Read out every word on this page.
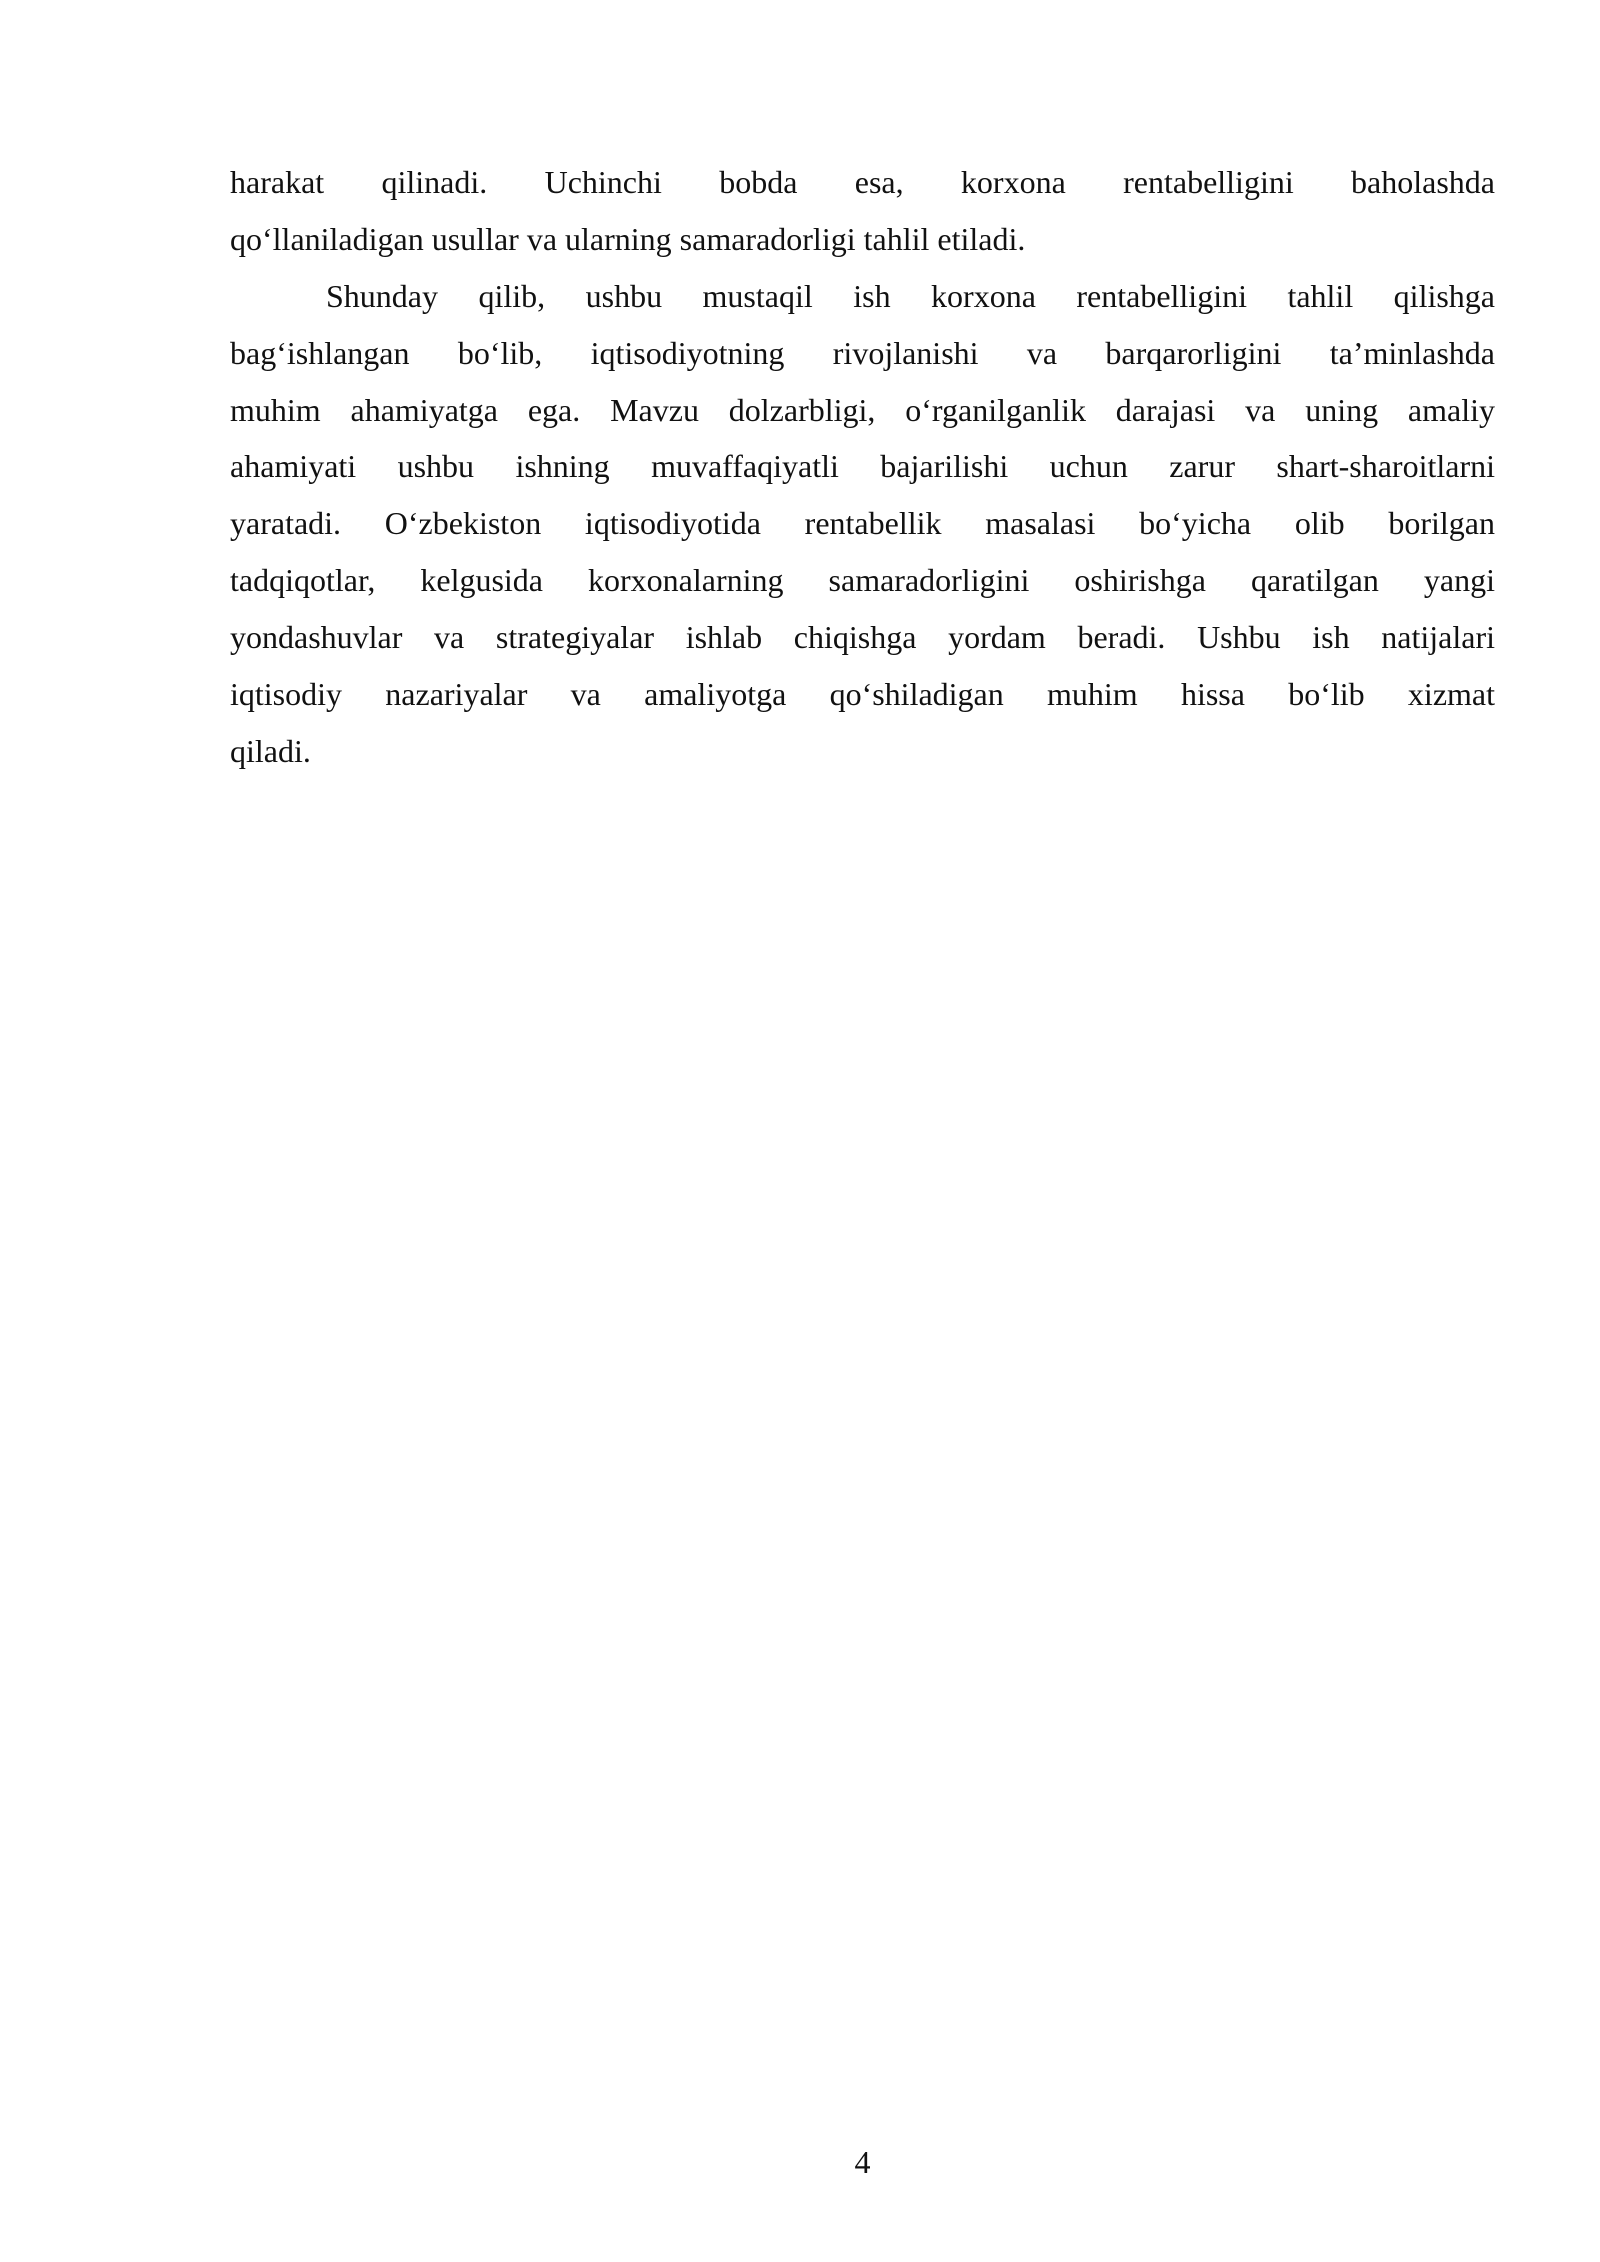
harakat qilinadi. Uchinchi bobda esa, korxona rentabelligini baholashda
qo‘llaniladigan usullar va ularning samaradorligi tahlil etiladi.
Shunday qilib, ushbu mustaqil ish korxona rentabelligini tahlil qilishga
bag‘ishlangan bo‘lib, iqtisodiyotning rivojlanishi va barqarorligini ta’minlashda
muhim ahamiyatga ega. Mavzu dolzarbligi, o‘rganilganlik darajasi va uning amaliy
ahamiyati ushbu ishning muvaffaqiyatli bajarilishi uchun zarur shart-sharoitlarni
yaratadi. O‘zbekiston iqtisodiyotida rentabellik masalasi bo‘yicha olib borilgan
tadqiqotlar, kelgusida korxonalarning samaradorligini oshirishga qaratilgan yangi
yondashuvlar va strategiyalar ishlab chiqishga yordam beradi. Ushbu ish natijalari
iqtisodiy nazariyalar va amaliyotga qo‘shiladigan muhim hissa bo‘lib xizmat
qiladi.
4
